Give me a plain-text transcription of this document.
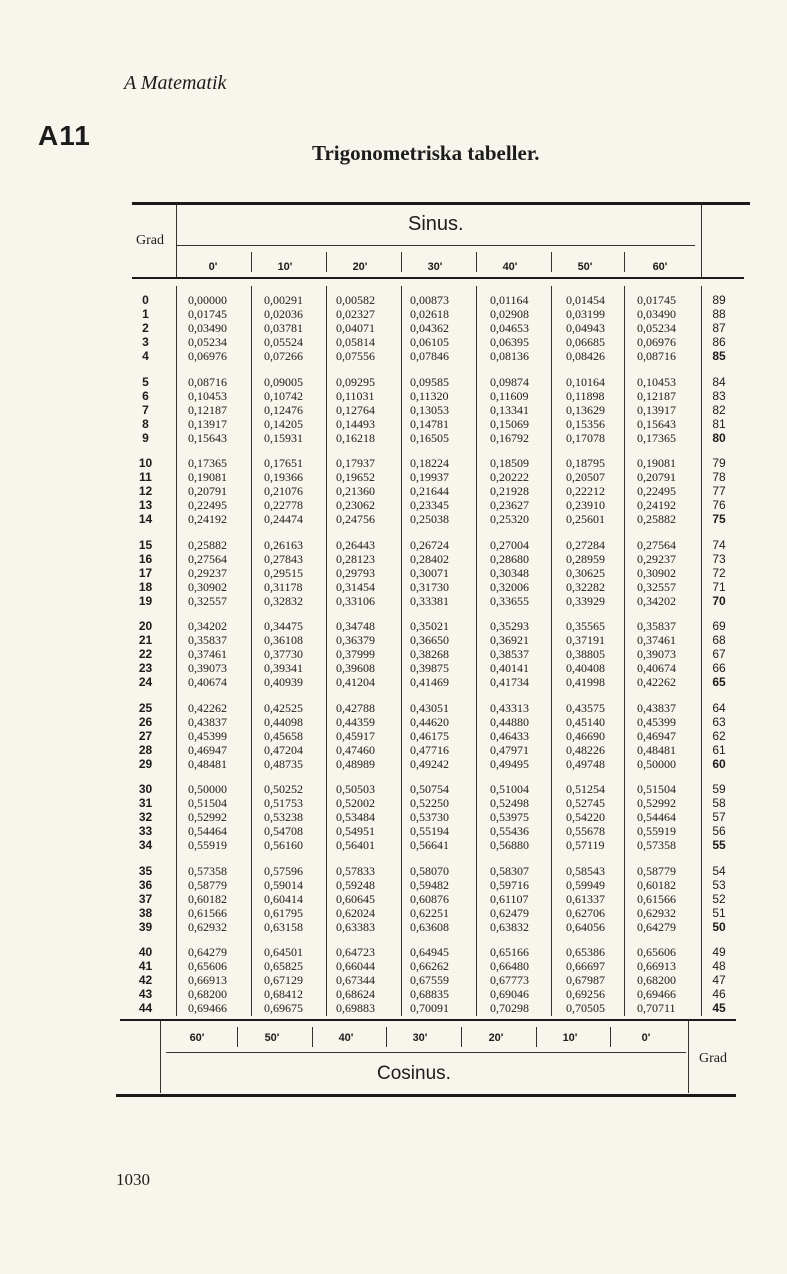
A Matematik
A11
Trigonometriska tabeller.
Grad
Sinus.
0'	10'	20'	30'	40'	50'	60'
0	0,00000	0,00291	0,00582	0,00873	0,01164	0,01454	0,01745	89
1	0,01745	0,02036	0,02327	0,02618	0,02908	0,03199	0,03490	88
2	0,03490	0,03781	0,04071	0,04362	0,04653	0,04943	0,05234	87
3	0,05234	0,05524	0,05814	0,06105	0,06395	0,06685	0,06976	86
4	0,06976	0,07266	0,07556	0,07846	0,08136	0,08426	0,08716	85
5	0,08716	0,09005	0,09295	0,09585	0,09874	0,10164	0,10453	84
6	0,10453	0,10742	0,11031	0,11320	0,11609	0,11898	0,12187	83
7	0,12187	0,12476	0,12764	0,13053	0,13341	0,13629	0,13917	82
8	0,13917	0,14205	0,14493	0,14781	0,15069	0,15356	0,15643	81
9	0,15643	0,15931	0,16218	0,16505	0,16792	0,17078	0,17365	80
10	0,17365	0,17651	0,17937	0,18224	0,18509	0,18795	0,19081	79
11	0,19081	0,19366	0,19652	0,19937	0,20222	0,20507	0,20791	78
12	0,20791	0,21076	0,21360	0,21644	0,21928	0,22212	0,22495	77
13	0,22495	0,22778	0,23062	0,23345	0,23627	0,23910	0,24192	76
14	0,24192	0,24474	0,24756	0,25038	0,25320	0,25601	0,25882	75
15	0,25882	0,26163	0,26443	0,26724	0,27004	0,27284	0,27564	74
16	0,27564	0,27843	0,28123	0,28402	0,28680	0,28959	0,29237	73
17	0,29237	0,29515	0,29793	0,30071	0,30348	0,30625	0,30902	72
18	0,30902	0,31178	0,31454	0,31730	0,32006	0,32282	0,32557	71
19	0,32557	0,32832	0,33106	0,33381	0,33655	0,33929	0,34202	70
20	0,34202	0,34475	0,34748	0,35021	0,35293	0,35565	0,35837	69
21	0,35837	0,36108	0,36379	0,36650	0,36921	0,37191	0,37461	68
22	0,37461	0,37730	0,37999	0,38268	0,38537	0,38805	0,39073	67
23	0,39073	0,39341	0,39608	0,39875	0,40141	0,40408	0,40674	66
24	0,40674	0,40939	0,41204	0,41469	0,41734	0,41998	0,42262	65
25	0,42262	0,42525	0,42788	0,43051	0,43313	0,43575	0,43837	64
26	0,43837	0,44098	0,44359	0,44620	0,44880	0,45140	0,45399	63
27	0,45399	0,45658	0,45917	0,46175	0,46433	0,46690	0,46947	62
28	0,46947	0,47204	0,47460	0,47716	0,47971	0,48226	0,48481	61
29	0,48481	0,48735	0,48989	0,49242	0,49495	0,49748	0,50000	60
30	0,50000	0,50252	0,50503	0,50754	0,51004	0,51254	0,51504	59
31	0,51504	0,51753	0,52002	0,52250	0,52498	0,52745	0,52992	58
32	0,52992	0,53238	0,53484	0,53730	0,53975	0,54220	0,54464	57
33	0,54464	0,54708	0,54951	0,55194	0,55436	0,55678	0,55919	56
34	0,55919	0,56160	0,56401	0,56641	0,56880	0,57119	0,57358	55
35	0,57358	0,57596	0,57833	0,58070	0,58307	0,58543	0,58779	54
36	0,58779	0,59014	0,59248	0,59482	0,59716	0,59949	0,60182	53
37	0,60182	0,60414	0,60645	0,60876	0,61107	0,61337	0,61566	52
38	0,61566	0,61795	0,62024	0,62251	0,62479	0,62706	0,62932	51
39	0,62932	0,63158	0,63383	0,63608	0,63832	0,64056	0,64279	50
40	0,64279	0,64501	0,64723	0,64945	0,65166	0,65386	0,65606	49
41	0,65606	0,65825	0,66044	0,66262	0,66480	0,66697	0,66913	48
42	0,66913	0,67129	0,67344	0,67559	0,67773	0,67987	0,68200	47
43	0,68200	0,68412	0,68624	0,68835	0,69046	0,69256	0,69466	46
44	0,69466	0,69675	0,69883	0,70091	0,70298	0,70505	0,70711	45
60'	50'	40'	30'	20'	10'	0'
Cosinus.
Grad
1030
